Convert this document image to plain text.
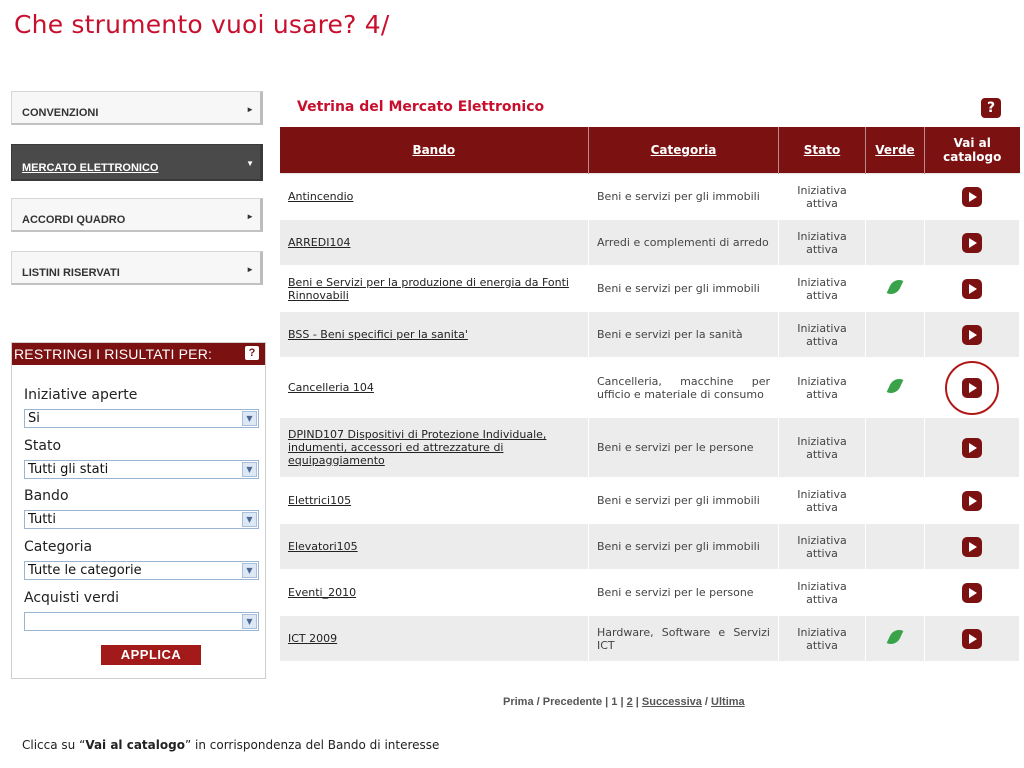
Che strumento vuoi usare? 4/
CONVENZIONI	►
MERCATO ELETTRONICO	▼
ACCORDI QUADRO	►
LISTINI RISERVATI	►
RESTRINGI I RISULTATI PER:	?
Iniziative aperte
Si	▼
Stato
Tutti gli stati	▼
Bando
Tutti	▼
Categoria
Tutte le categorie	▼
Acquisti verdi
▼
APPLICA
Vetrina del Mercato Elettronico	?
Bando	Categoria	Stato	Verde	Vai al
catalogo

Antincendio	Beni e servizi per gli immobili	Iniziativa
attiva		

ARREDI104	Arredi e complementi di arredo	Iniziativa
attiva		

Beni e Servizi per la produzione di energia da Fonti Rinnovabili	Beni e servizi per gli immobili	Iniziativa
attiva		

BSS - Beni specifici per la sanita'	Beni e servizi per la sanità	Iniziativa
attiva		

Cancelleria 104	Cancelleria, macchine per ufficio e materiale di consumo	Iniziativa
attiva		

DPIND107 Dispositivi di Protezione Individuale, indumenti, accessori ed attrezzature di equipaggiamento	Beni e servizi per le persone	Iniziativa
attiva		

Elettrici105	Beni e servizi per gli immobili	Iniziativa
attiva		

Elevatori105	Beni e servizi per gli immobili	Iniziativa
attiva		

Eventi_2010	Beni e servizi per le persone	Iniziativa
attiva		

ICT 2009	Hardware, Software e Servizi ICT	Iniziativa
attiva		

Prima / Precedente | 1 | 2 | Successiva / Ultima
Clicca su “Vai al catalogo” in corrispondenza del Bando di interesse
